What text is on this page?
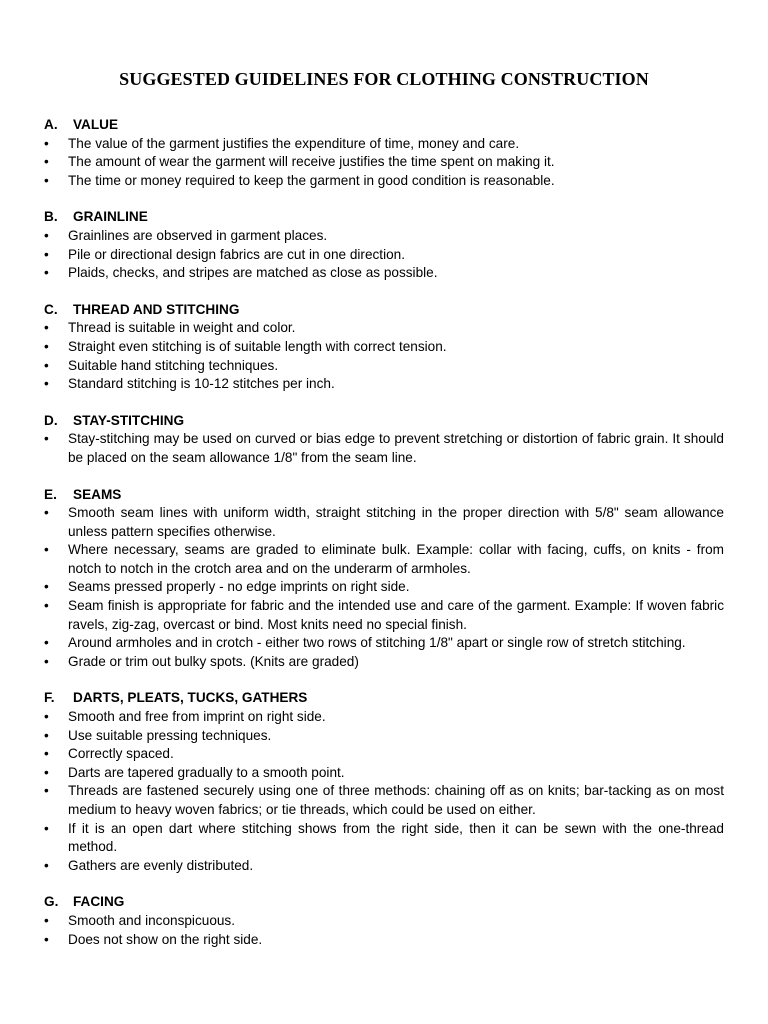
SUGGESTED GUIDELINES FOR CLOTHING CONSTRUCTION

A. VALUE

• The value of the garment justifies the expenditure of time, money and care.
• The amount of wear the garment will receive justifies the time spent on making it.
• The time or money required to keep the garment in good condition is reasonable.

B. GRAINLINE

• Grainlines are observed in garment places.
• Pile or directional design fabrics are cut in one direction.
• Plaids, checks, and stripes are matched as close as possible.

C. THREAD AND STITCHING

• Thread is suitable in weight and color.
• Straight even stitching is of suitable length with correct tension.
• Suitable hand stitching techniques.
• Standard stitching is 10-12 stitches per inch.

D. STAY-STITCHING

• Stay-stitching may be used on curved or bias edge to prevent stretching or distortion of fabric grain. It should be placed on the seam allowance 1/8" from the seam line.

E. SEAMS

• Smooth seam lines with uniform width, straight stitching in the proper direction with 5/8" seam allowance unless pattern specifies otherwise.
• Where necessary, seams are graded to eliminate bulk. Example: collar with facing, cuffs, on knits - from notch to notch in the crotch area and on the underarm of armholes.
• Seams pressed properly - no edge imprints on right side.
• Seam finish is appropriate for fabric and the intended use and care of the garment. Example: If woven fabric ravels, zig-zag, overcast or bind. Most knits need no special finish.
• Around armholes and in crotch - either two rows of stitching 1/8" apart or single row of stretch stitching.
• Grade or trim out bulky spots. (Knits are graded)

F. DARTS, PLEATS, TUCKS, GATHERS

• Smooth and free from imprint on right side.
• Use suitable pressing techniques.
• Correctly spaced.
• Darts are tapered gradually to a smooth point.
• Threads are fastened securely using one of three methods: chaining off as on knits; bar-tacking as on most medium to heavy woven fabrics; or tie threads, which could be used on either.
• If it is an open dart where stitching shows from the right side, then it can be sewn with the one-thread method.
• Gathers are evenly distributed.

G. FACING

• Smooth and inconspicuous.
• Does not show on the right side.
